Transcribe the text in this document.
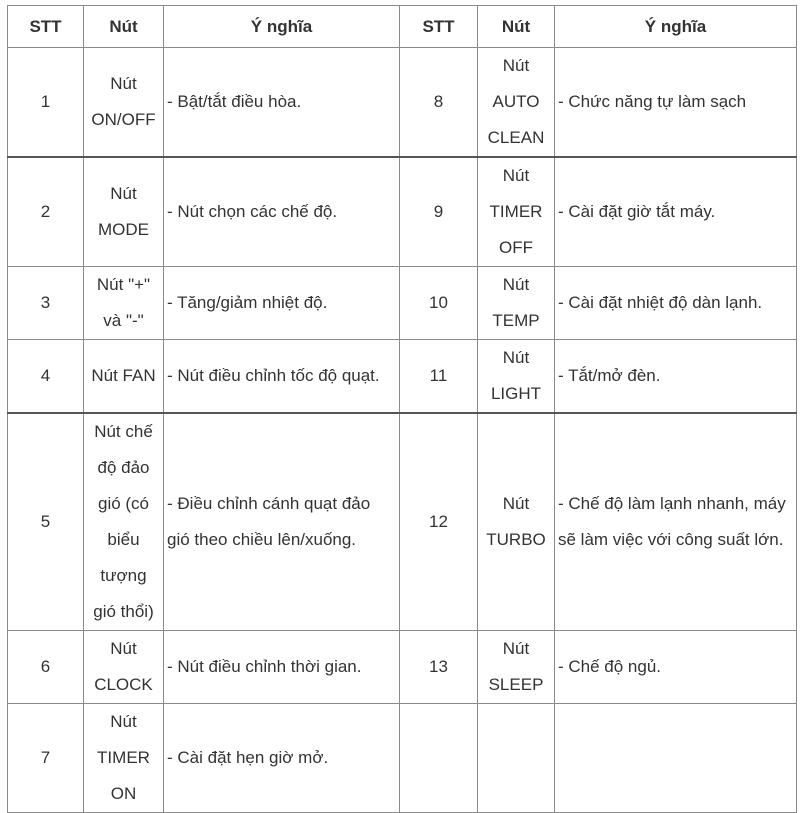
STT	Nút	Ý nghĩa	STT	Nút	Ý nghĩa
1	Nút ON/OFF	- Bật/tắt điều hòa.	8	Nút AUTO CLEAN	- Chức năng tự làm sạch
2	Nút MODE	- Nút chọn các chế độ.	9	Nút TIMER OFF	- Cài đặt giờ tắt máy.
3	Nút "+" và "-"	- Tăng/giảm nhiệt độ.	10	Nút TEMP	- Cài đặt nhiệt độ dàn lạnh.
4	Nút FAN	- Nút điều chỉnh tốc độ quạt.	11	Nút LIGHT	- Tắt/mở đèn.
5	Nút chế độ đảo gió (có biểu tượng gió thổi)	- Điều chỉnh cánh quạt đảo gió theo chiều lên/xuống.	12	Nút TURBO	- Chế độ làm lạnh nhanh, máy sẽ làm việc với công suất lớn.
6	Nút CLOCK	- Nút điều chỉnh thời gian.	13	Nút SLEEP	- Chế độ ngủ.
7	Nút TIMER ON	- Cài đặt hẹn giờ mở.			
